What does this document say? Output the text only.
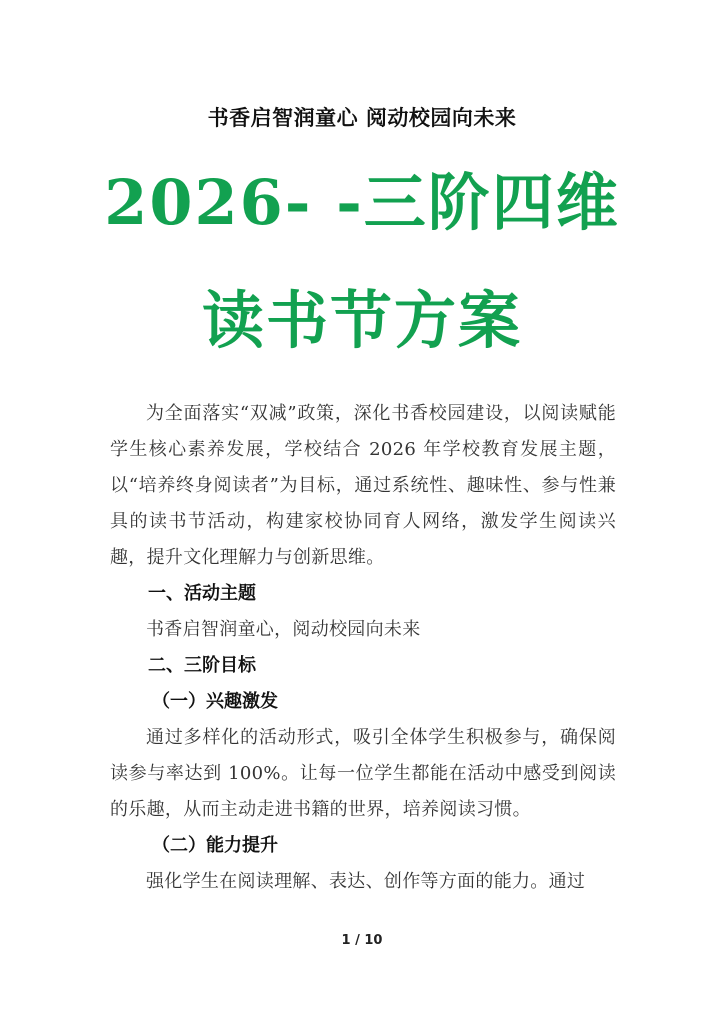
书香启智润童心 阅动校园向未来
2026- -三阶四维
读书节方案

为全面落实“双减”政策，深化书香校园建设，以阅读赋能学生核心素养发展，学校结合 2026 年学校教育发展主题，以“培养终身阅读者”为目标，通过系统性、趣味性、参与性兼具的读书节活动，构建家校协同育人网络，激发学生阅读兴趣，提升文化理解力与创新思维。

一、活动主题

书香启智润童心，阅动校园向未来

二、三阶目标
（一）兴趣激发

通过多样化的活动形式，吸引全体学生积极参与，确保阅读参与率达到 100%。让每一位学生都能在活动中感受到阅读的乐趣，从而主动走进书籍的世界，培养阅读习惯。

（二）能力提升

强化学生在阅读理解、表达、创作等方面的能力。通过

1 / 10
